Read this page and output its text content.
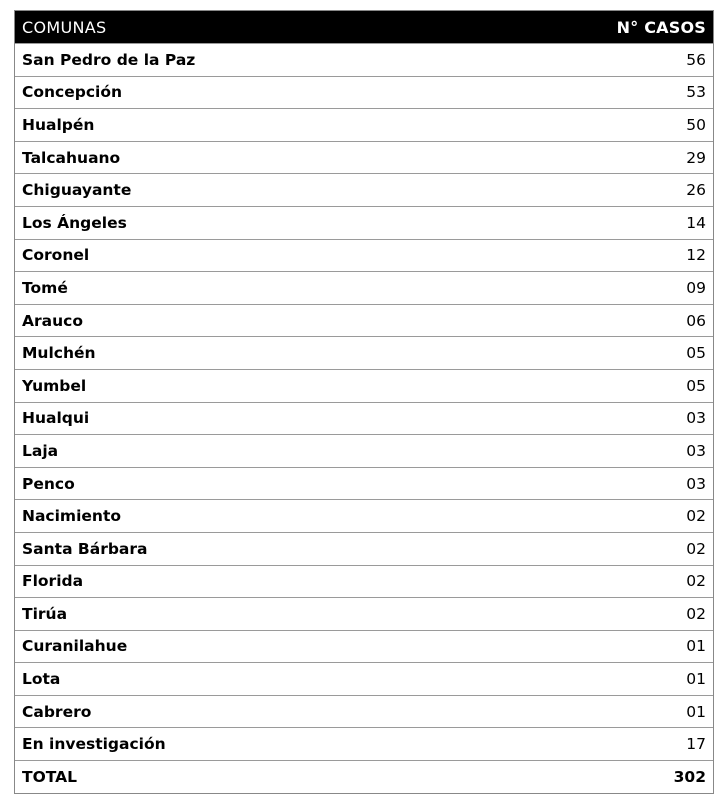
COMUNAS	N° CASOS
San Pedro de la Paz	56
Concepción	53
Hualpén	50
Talcahuano	29
Chiguayante	26
Los Ángeles	14
Coronel	12
Tomé	09
Arauco	06
Mulchén	05
Yumbel	05
Hualqui	03
Laja	03
Penco	03
Nacimiento	02
Santa Bárbara	02
Florida	02
Tirúa	02
Curanilahue	01
Lota	01
Cabrero	01
En investigación	17
TOTAL	302
